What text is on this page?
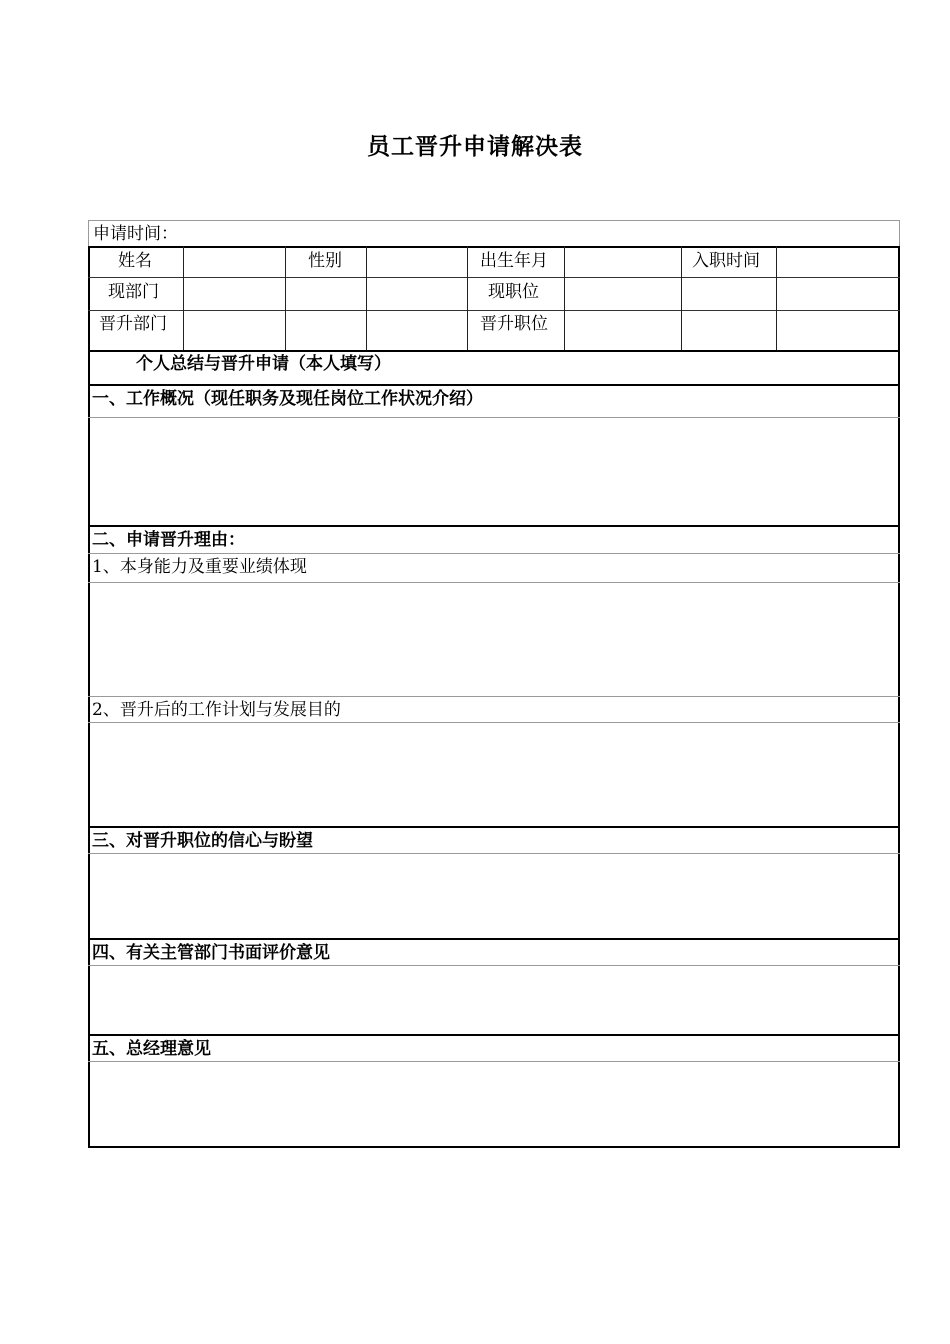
员工晋升申请解决表
申请时间：
姓名	性别	出生年月	入职时间
现部门	现职位
晋升部门	晋升职位
个人总结与晋升申请（本人填写）
一、工作概况（现任职务及现任岗位工作状况介绍）
二、申请晋升理由：
1、本身能力及重要业绩体现
2、晋升后的工作计划与发展目的
三、对晋升职位的信心与盼望
四、有关主管部门书面评价意见
五、总经理意见
